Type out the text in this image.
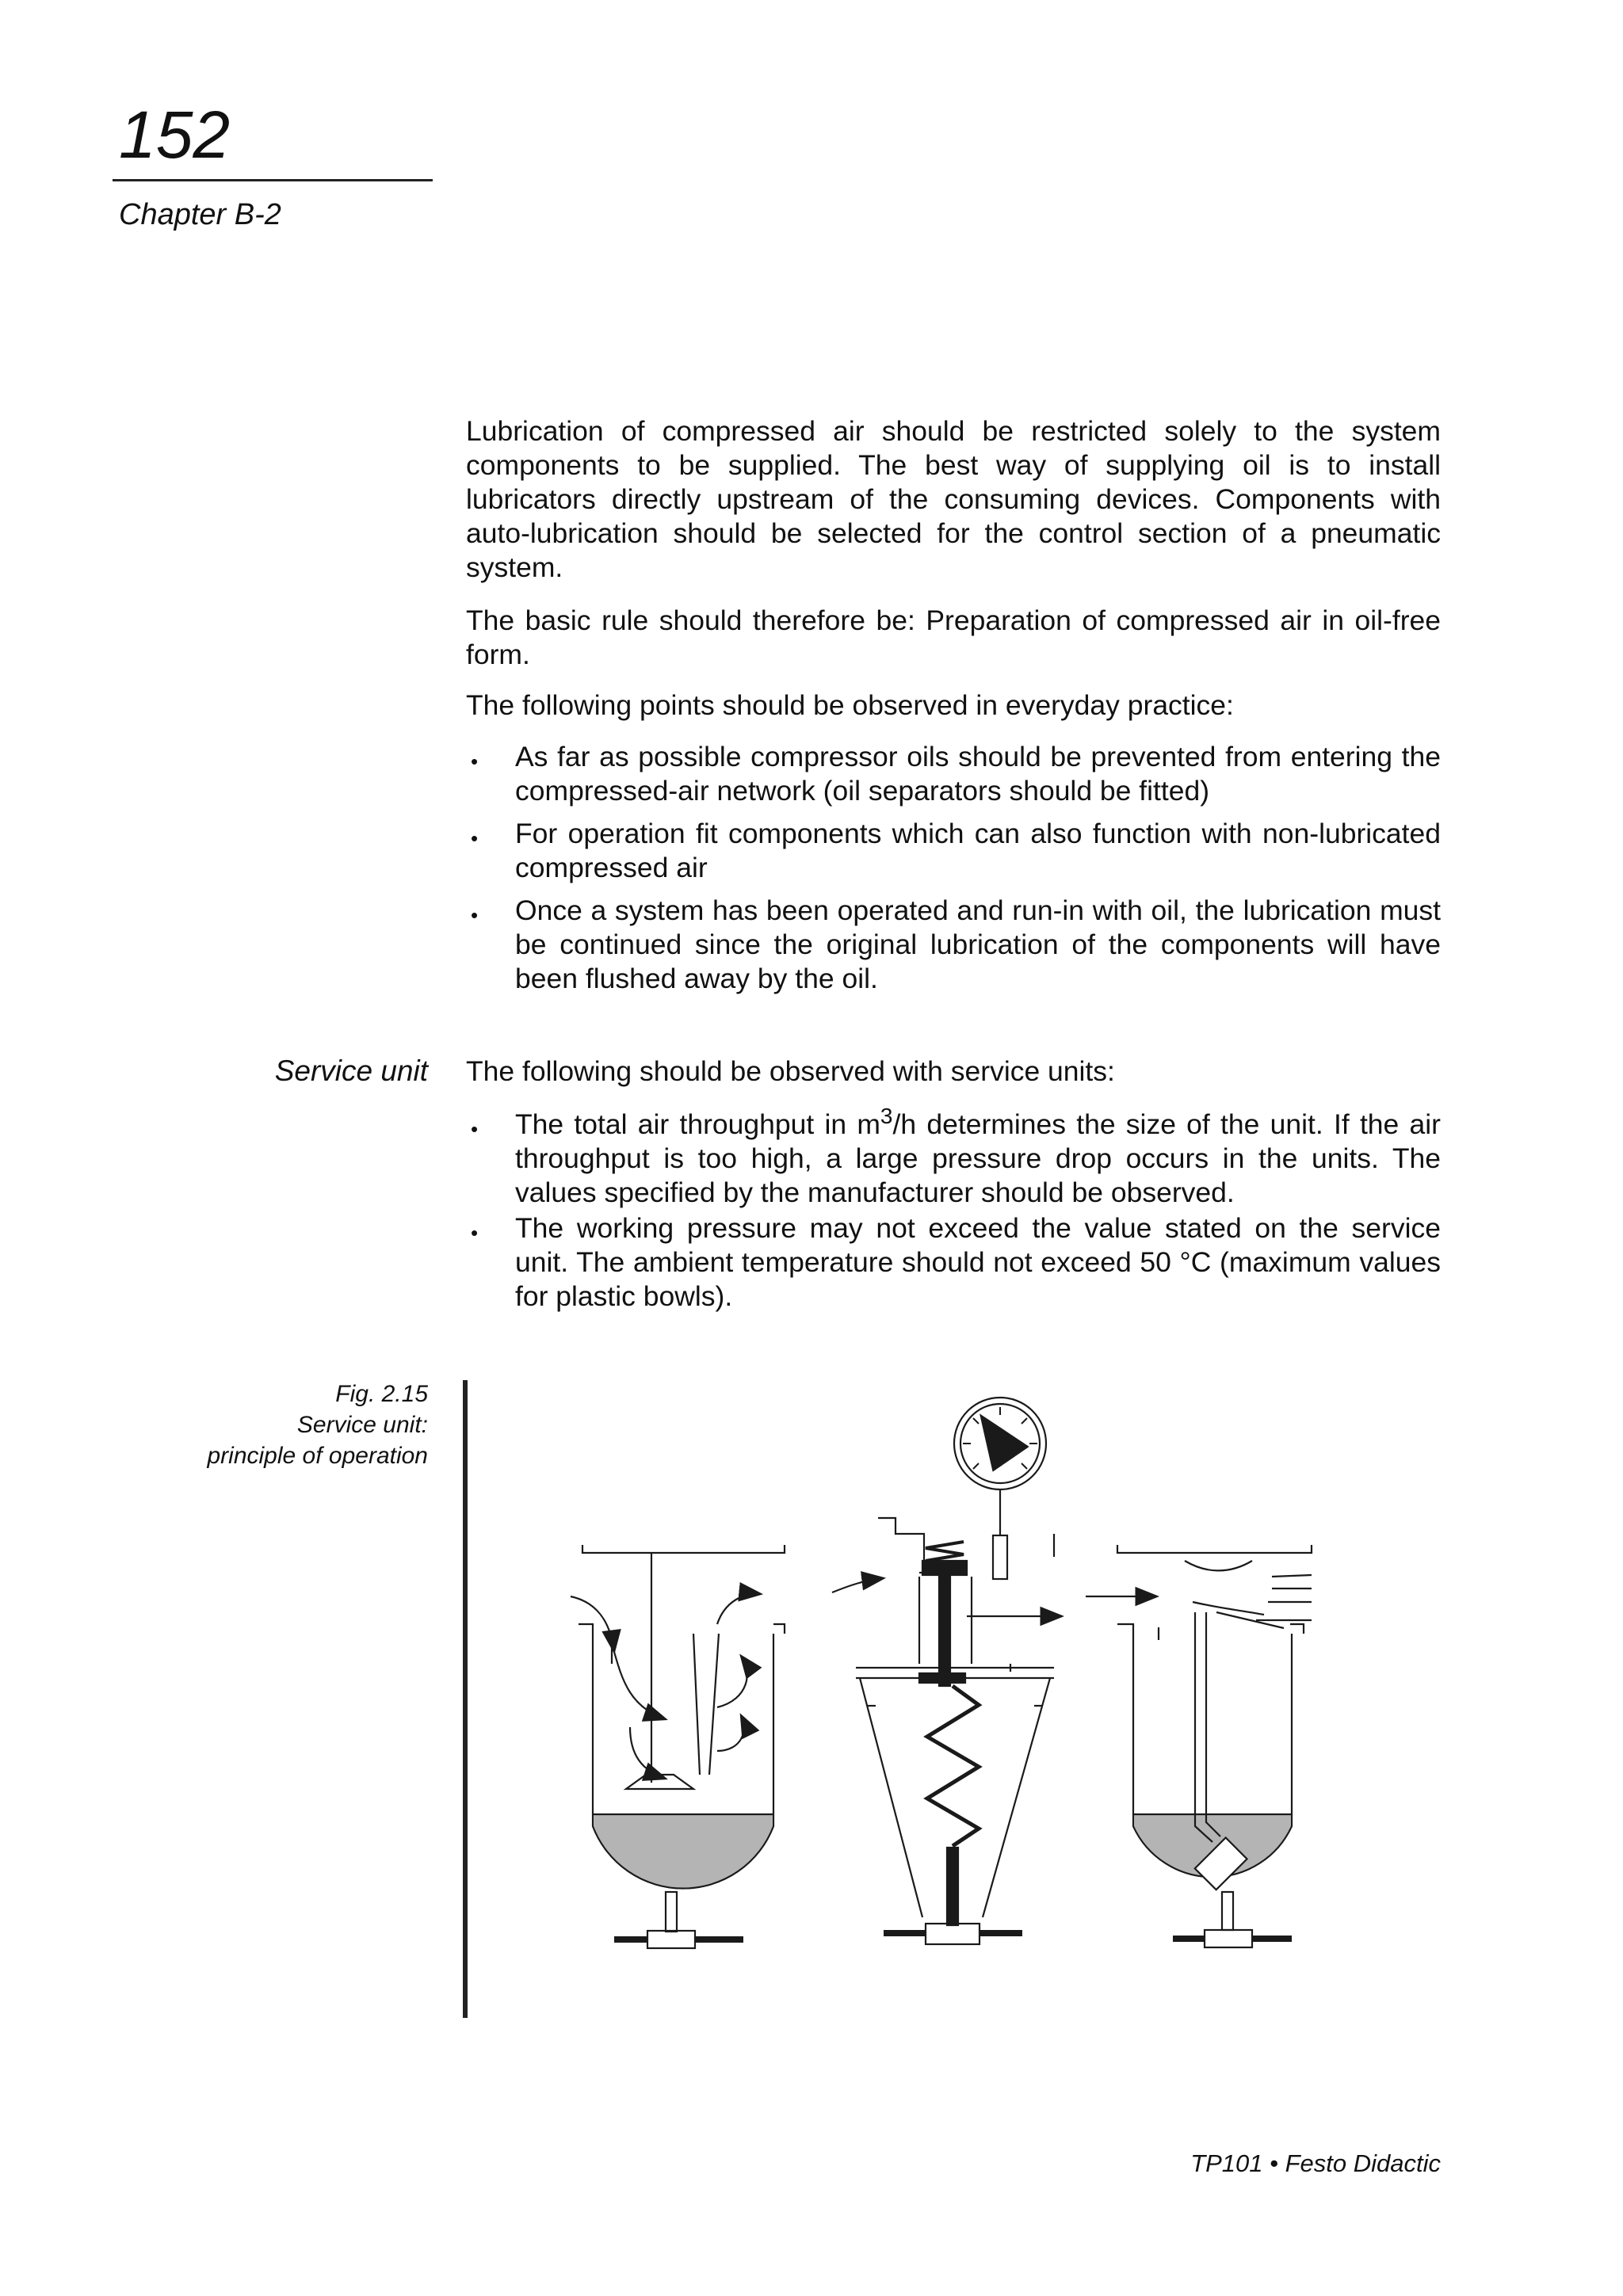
152
Chapter B-2

Lubrication of compressed air should be restricted solely to the system components to be supplied. The best way of supplying oil is to install lubricators directly upstream of the consuming devices. Components with auto-lubrication should be selected for the control section of a pneumatic system.

The basic rule should therefore be: Preparation of compressed air in oil-free form.

The following points should be observed in everyday practice:

• As far as possible compressor oils should be prevented from entering the compressed-air network (oil separators should be fitted)
• For operation fit components which can also function with non-lubricated compressed air
• Once a system has been operated and run-in with oil, the lubrication must be continued since the original lubrication of the components will have been flushed away by the oil.
Service unit The following should be observed with service units:
• The total air throughput in $m^3/h$ determines the size of the unit. If the air throughput is too high, a large pressure drop occurs in the units. The values specified by the manufacturer should be observed.
• The working pressure may not exceed the value stated on the service unit. The ambient temperature should not exceed 50 °C (maximum values for plastic bowls).
Fig. 2.15
Service unit:
principle of operation
TP101 • Festo Didactic
